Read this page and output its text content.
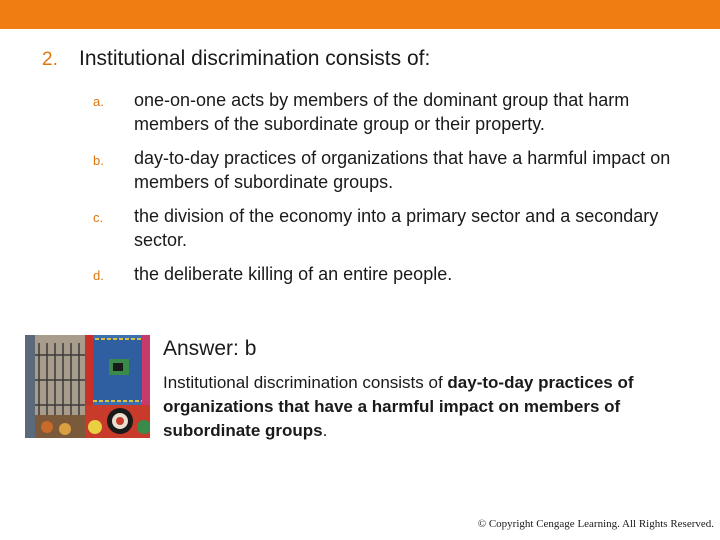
2. Institutional discrimination consists of:
a. one-on-one acts by members of the dominant group that harm members of the subordinate group or their property.
b. day-to-day practices of organizations that have a harmful impact on members of subordinate groups.
c. the division of the economy into a primary sector and a secondary sector.
d. the deliberate killing of an entire people.
Answer: b
Institutional discrimination consists of day-to-day practices of organizations that have a harmful impact on members of subordinate groups.
© Copyright Cengage Learning. All Rights Reserved.
